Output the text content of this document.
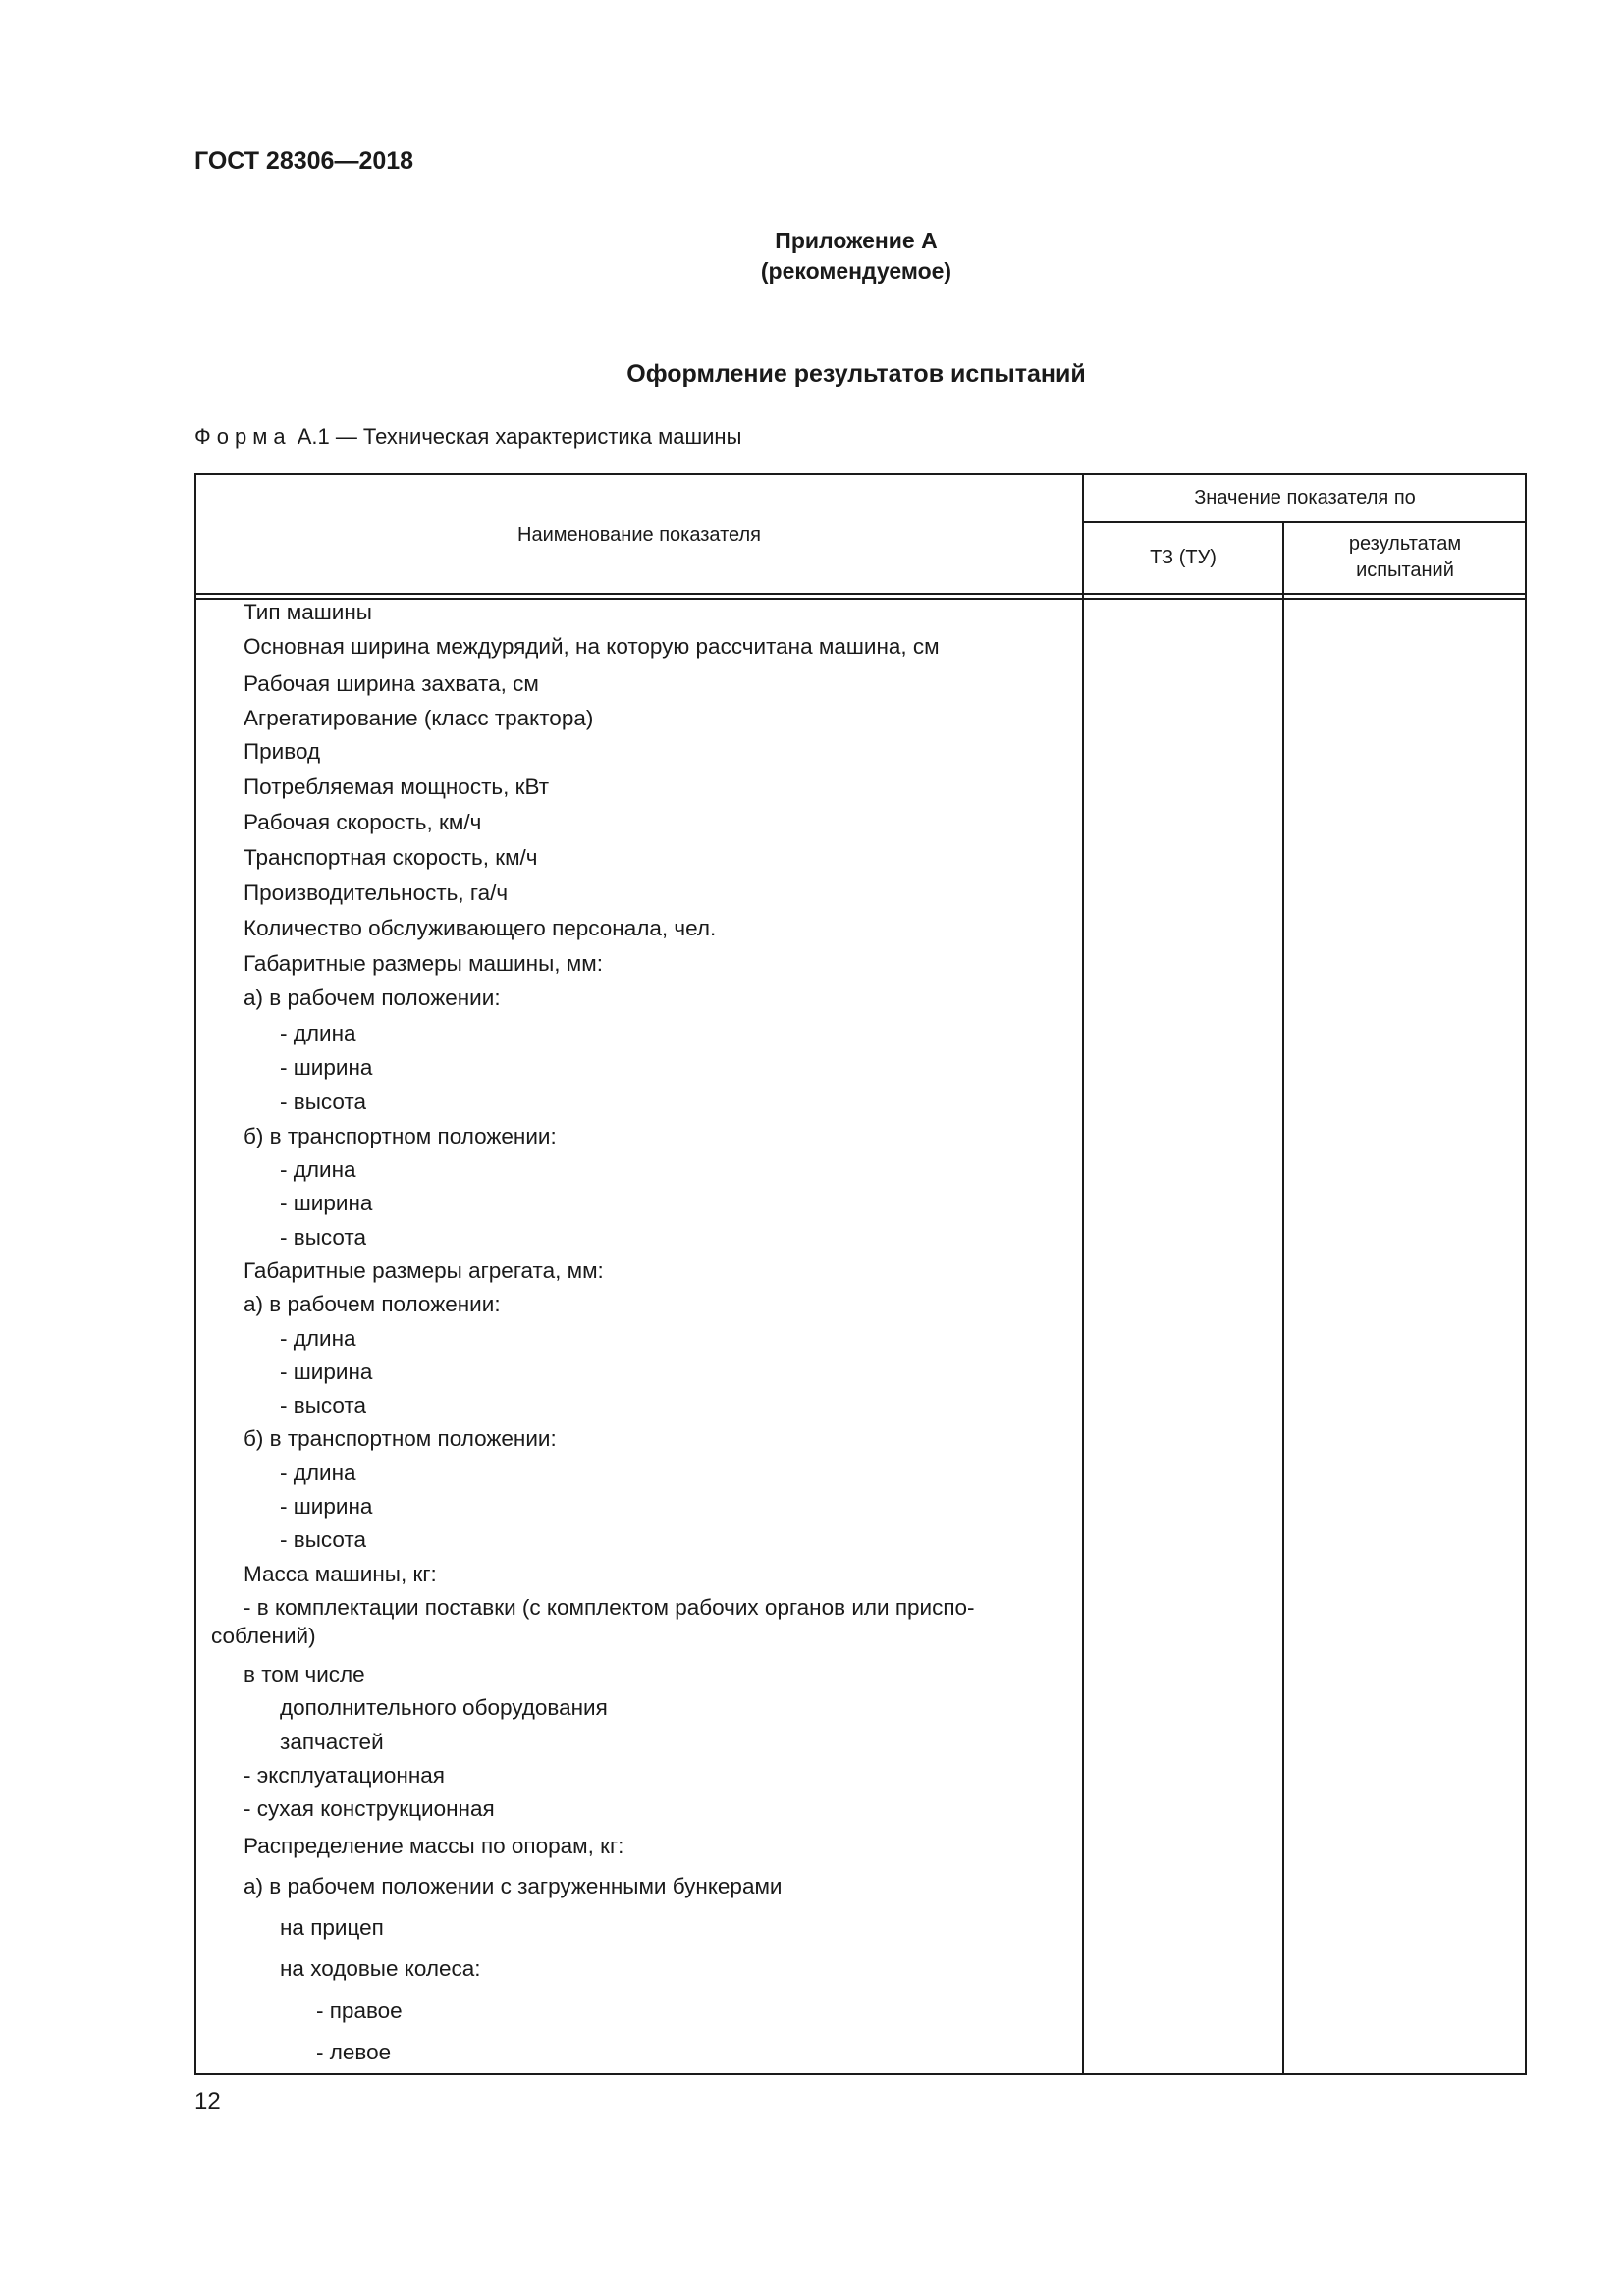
ГОСТ 28306—2018
Приложение А
(рекомендуемое)
Оформление результатов испытаний
Форма А.1 — Техническая характеристика машины
Наименование показателя
Значение показателя по
ТЗ (ТУ)
результатам
испытаний
Тип машины
Основная ширина междурядий, на которую рассчитана машина, см
Рабочая ширина захвата, см
Агрегатирование (класс трактора)
Привод
Потребляемая мощность, кВт
Рабочая скорость, км/ч
Транспортная скорость, км/ч
Производительность, га/ч
Количество обслуживающего персонала, чел.
Габаритные размеры машины, мм:
а) в рабочем положении:
- длина
- ширина
- высота
б) в транспортном положении:
- длина
- ширина
- высота
Габаритные размеры агрегата, мм:
а) в рабочем положении:
- длина
- ширина
- высота
б) в транспортном положении:
- длина
- ширина
- высота
Масса машины, кг:
- в комплектации поставки (с комплектом рабочих органов или приспо-
соблений)
в том числе
дополнительного оборудования
запчастей
- эксплуатационная
- сухая конструкционная
Распределение массы по опорам, кг:
а) в рабочем положении с загруженными бункерами
на прицеп
на ходовые колеса:
- правое
- левое
12
